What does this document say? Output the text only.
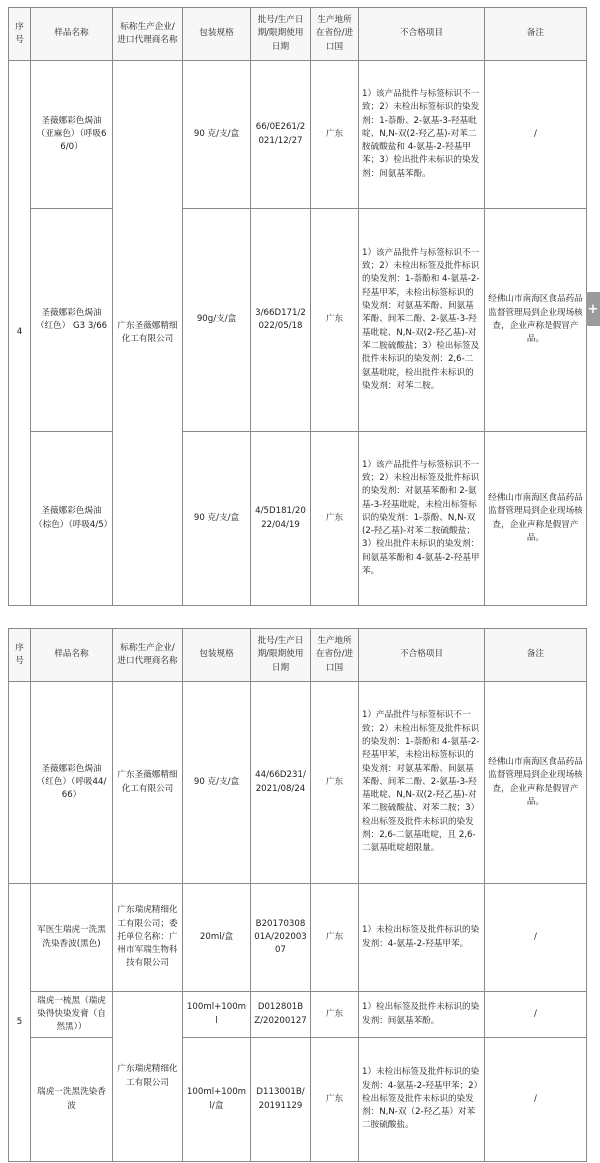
序号	样品名称	标称生产企业/进口代理商名称	包装规格	批号/生产日期/限期使用日期	生产地所在省份/进口国	不合格项目	备注
4	圣薇娜彩色焗油（亚麻色）（呼吸66/0）	广东圣薇娜精细化工有限公司	90 克/支/盒	66/0E261/2021/12/27	广东	1）该产品批件与标签标识不一致；2）未检出标签标识的染发剂：1-萘酚、2-氨基-3-羟基吡啶、N,N-双(2-羟乙基)-对苯二胺硫酸盐和 4-氨基-2-羟基甲苯；3）检出批件未标识的染发剂：间氨基苯酚。	/
	圣薇娜彩色焗油（红色） G3 3/66		90g/支/盒	3/66D171/2022/05/18	广东	1）该产品批件与标签标识不一致；2）未检出标签及批件标识的染发剂：1-萘酚和 4-氨基-2-羟基甲苯，未检出标签标识的染发剂：对氨基苯酚、间氨基苯酚、间苯二酚、2-氨基-3-羟基吡啶、N,N-双(2-羟乙基)-对苯二胺硫酸盐；3）检出标签及批件未标识的染发剂：2,6-二氨基吡啶，检出批件未标识的染发剂：对苯二胺。	经佛山市南海区食品药品监督管理局到企业现场核查，企业声称是假冒产品。
	圣薇娜彩色焗油（棕色）（呼吸4/5）		90 克/支/盒	4/5D181/2022/04/19	广东	1）该产品批件与标签标识不一致；2）未检出标签及批件标识的染发剂：对氨基苯酚和 2-氨基-3-羟基吡啶，未检出标签标识的染发剂：1-萘酚、N,N-双(2-羟乙基)-对苯二胺硫酸盐；3）检出批件未标识的染发剂：间氨基苯酚和 4-氨基-2-羟基甲苯。	经佛山市南海区食品药品监督管理局到企业现场核查，企业声称是假冒产品。
序号	样品名称	标称生产企业/进口代理商名称	包装规格	批号/生产日期/限期使用日期	生产地所在省份/进口国	不合格项目	备注
	圣薇娜彩色焗油（红色）（呼吸44/66）	广东圣薇娜精细化工有限公司	90 克/支/盒	44/66D231/2021/08/24	广东	1）产品批件与标签标识不一致；2）未检出标签及批件标识的染发剂：1-萘酚和 4-氨基-2-羟基甲苯，未检出标签标识的染发剂：对氨基苯酚、间氨基苯酚、间苯二酚、2-氨基-3-羟基吡啶、N,N-双(2-羟乙基)-对苯二胺硫酸盐、对苯二胺；3）检出标签及批件未标识的染发剂：2,6-二氨基吡啶，且 2,6-二氨基吡啶超限量。	经佛山市南海区食品药品监督管理局到企业现场核查，企业声称是假冒产品。
5	军医生瑞虎一洗黑洗染香波(黑色)	广东瑞虎精细化工有限公司；委托单位名称：广州市军瑞生物科技有限公司	20ml/盒	B2017030801A/20200307	广东	1）未检出标签及批件标识的染发剂：4-氨基-2-羟基甲苯。	/
	瑞虎一梳黑（瑞虎染得快染发膏（自然黑））	广东瑞虎精细化工有限公司	100ml+100ml	D012801BZ/20200127	广东	1）检出标签及批件未标识的染发剂：间氨基苯酚。	/
	瑞虎一洗黑洗染香波		100ml+100ml/盒	D113001B/20191129	广东	1）未检出标签及批件标识的染发剂：4-氨基-2-羟基甲苯；2）检出标签及批件未标识的染发剂：N,N-双（2-羟乙基）对苯二胺硫酸盐。	/
+
